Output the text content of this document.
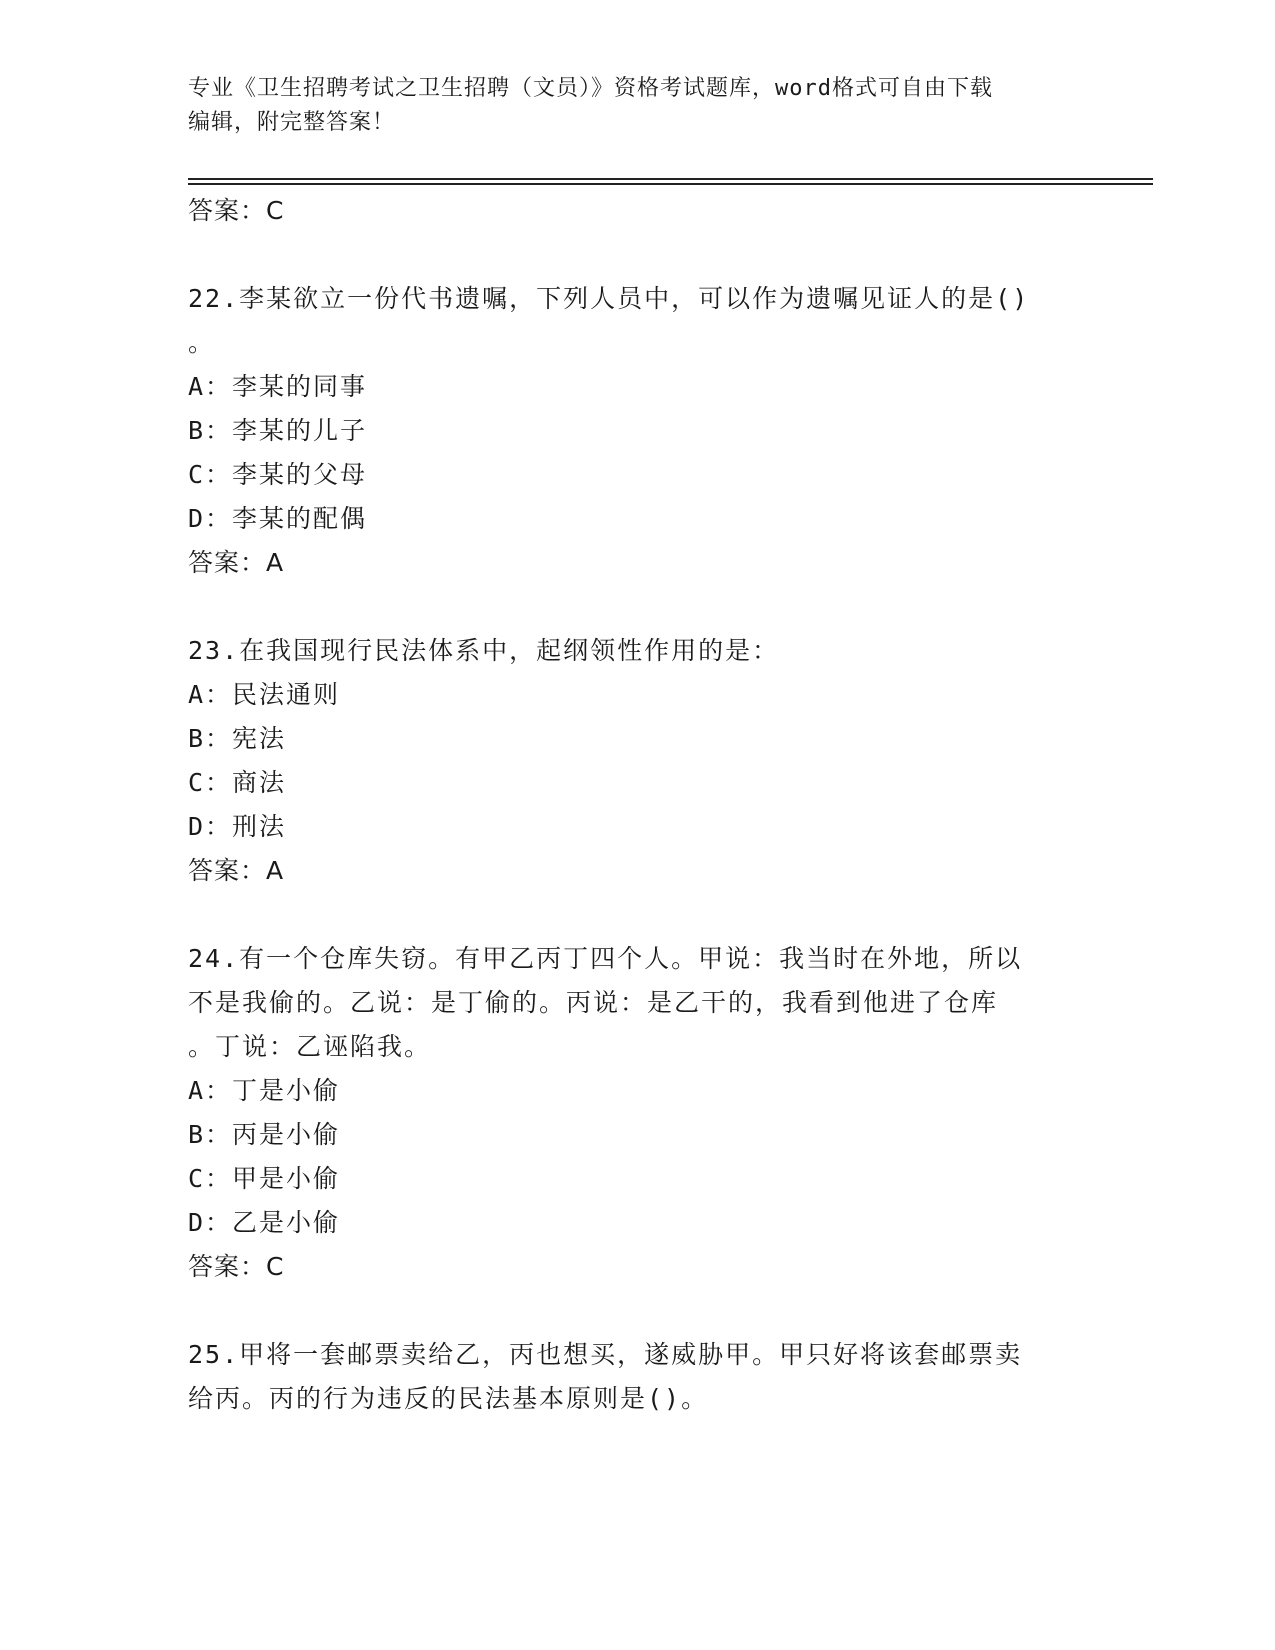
专业《卫生招聘考试之卫生招聘（文员）》资格考试题库，word格式可自由下载
编辑，附完整答案！
答案：C
22.李某欲立一份代书遗嘱，下列人员中，可以作为遗嘱见证人的是()
。
A：李某的同事
B：李某的儿子
C：李某的父母
D：李某的配偶
答案：A
23.在我国现行民法体系中，起纲领性作用的是：
A：民法通则
B：宪法
C：商法
D：刑法
答案：A
24.有一个仓库失窃。有甲乙丙丁四个人。甲说：我当时在外地，所以
不是我偷的。乙说：是丁偷的。丙说：是乙干的，我看到他进了仓库
。丁说：乙诬陷我。
A：丁是小偷
B：丙是小偷
C：甲是小偷
D：乙是小偷
答案：C
25.甲将一套邮票卖给乙，丙也想买，遂威胁甲。甲只好将该套邮票卖
给丙。丙的行为违反的民法基本原则是()。
